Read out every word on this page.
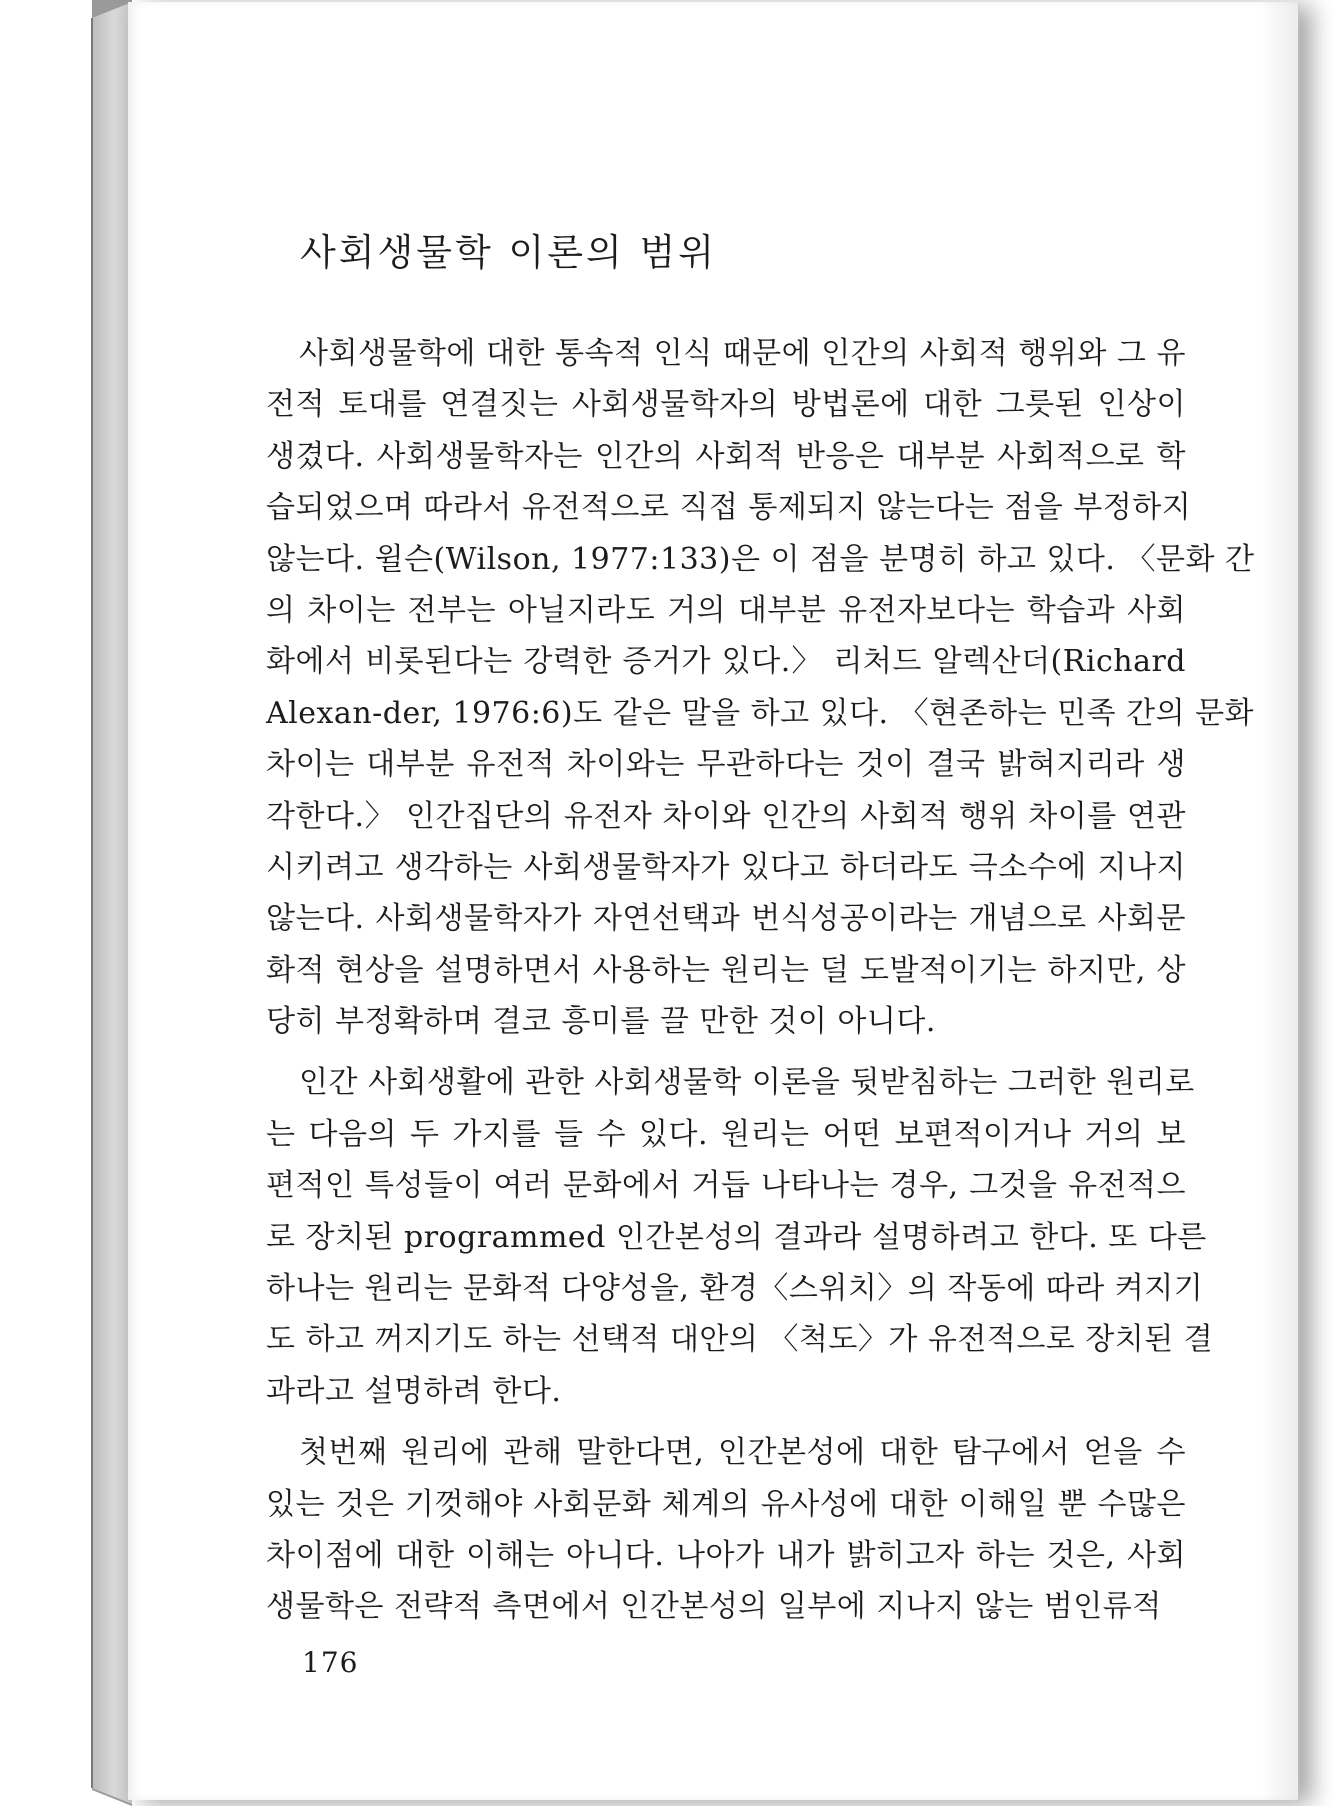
사회생물학 이론의 범위
사회생물학에 대한 통속적 인식 때문에 인간의 사회적 행위와 그 유
전적 토대를 연결짓는 사회생물학자의 방법론에 대한 그릇된 인상이
생겼다. 사회생물학자는 인간의 사회적 반응은 대부분 사회적으로 학
습되었으며 따라서 유전적으로 직접 통제되지 않는다는 점을 부정하지
않는다. 윌슨(Wilson, 1977:133)은 이 점을 분명히 하고 있다. 〈문화 간
의 차이는 전부는 아닐지라도 거의 대부분 유전자보다는 학습과 사회
화에서 비롯된다는 강력한 증거가 있다.〉 리처드 알렉산더(Richard
Alexan-der, 1976:6)도 같은 말을 하고 있다. 〈현존하는 민족 간의 문화
차이는 대부분 유전적 차이와는 무관하다는 것이 결국 밝혀지리라 생
각한다.〉 인간집단의 유전자 차이와 인간의 사회적 행위 차이를 연관
시키려고 생각하는 사회생물학자가 있다고 하더라도 극소수에 지나지
않는다. 사회생물학자가 자연선택과 번식성공이라는 개념으로 사회문
화적 현상을 설명하면서 사용하는 원리는 덜 도발적이기는 하지만, 상
당히 부정확하며 결코 흥미를 끌 만한 것이 아니다.
인간 사회생활에 관한 사회생물학 이론을 뒷받침하는 그러한 원리로
는 다음의 두 가지를 들 수 있다. 원리는 어떤 보편적이거나 거의 보
편적인 특성들이 여러 문화에서 거듭 나타나는 경우, 그것을 유전적으
로 장치된 programmed 인간본성의 결과라 설명하려고 한다. 또 다른
하나는 원리는 문화적 다양성을, 환경〈스위치〉의 작동에 따라 켜지기
도 하고 꺼지기도 하는 선택적 대안의 〈척도〉가 유전적으로 장치된 결
과라고 설명하려 한다.
첫번째 원리에 관해 말한다면, 인간본성에 대한 탐구에서 얻을 수
있는 것은 기껏해야 사회문화 체계의 유사성에 대한 이해일 뿐 수많은
차이점에 대한 이해는 아니다. 나아가 내가 밝히고자 하는 것은, 사회
생물학은 전략적 측면에서 인간본성의 일부에 지나지 않는 범인류적
176
